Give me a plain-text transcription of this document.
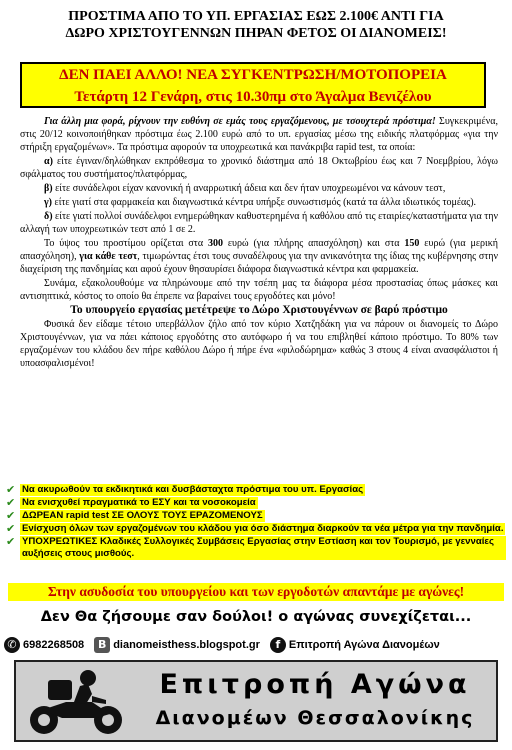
ΠΡΟΣΤΙΜΑ ΑΠΟ ΤΟ ΥΠ. ΕΡΓΑΣΙΑΣ ΕΩΣ 2.100€ ΑΝΤΙ ΓΙΑ
ΔΩΡΟ ΧΡΙΣΤΟΥΓΕΝΝΩΝ ΠΗΡΑΝ ΦΕΤΟΣ ΟΙ ΔΙΑΝΟΜΕΙΣ!
ΔΕΝ ΠΑΕΙ ΑΛΛΟ! ΝΕΑ ΣΥΓΚΕΝΤΡΩΣΗ/ΜΟΤΟΠΟΡΕΙΑ
Τετάρτη 12 Γενάρη, στις 10.30πμ στο Άγαλμα Βενιζέλου

Για άλλη μια φορά, ρίχνουν την ευθύνη σε εμάς τους εργαζόμενους, με τσουχτερά πρόστιμα! Συγκεκριμένα, στις 20/12 κοινοποιήθηκαν πρόστιμα έως 2.100 ευρώ από το υπ. εργασίας μέσω της ειδικής πλατφόρμας «για την στήριξη εργαζομένων». Τα πρόστιμα αφορούν τα υποχρεωτικά και πανάκριβα rapid test, τα οποία:

α) είτε έγιναν/δηλώθηκαν εκπρόθεσμα το χρονικό διάστημα από 18 Οκτωβρίου έως και 7 Νοεμβρίου, λόγω σφάλματος του συστήματος/πλατφόρμας,

β) είτε συνάδελφοι είχαν κανονική ή αναρρωτική άδεια και δεν ήταν υποχρεωμένοι να κάνουν τεστ,

γ) είτε γιατί στα φαρμακεία και διαγνωστικά κέντρα υπήρξε συνωστισμός (κατά τα άλλα ιδιωτικός τομέας).

δ) είτε γιατί πολλοί συνάδελφοι ενημερώθηκαν καθυστερημένα ή καθόλου από τις εταιρίες/καταστήματα για την αλλαγή των υποχρεωτικών τεστ από 1 σε 2.

Το ύψος του προστίμου ορίζεται στα 300 ευρώ (για πλήρης απασχόληση) και στα 150 ευρώ (για μερική απασχόληση), για κάθε τεστ, τιμωρώντας έτσι τους συναδέλφους για την ανικανότητα της ίδιας της κυβέρνησης στην διαχείριση της πανδημίας και αφού έχουν θησαυρίσει διάφορα διαγνωστικά κέντρα και φαρμακεία.

Συνάμα, εξακολουθούμε να πληρώνουμε από την τσέπη μας τα διάφορα μέσα προστασίας όπως μάσκες και αντισηπτικά, κόστος το οποίο θα έπρεπε να βαραίνει τους εργοδότες και μόνο!

Το υπουργείο εργασίας μετέτρεψε το Δώρο Χριστουγέννων σε βαρύ πρόστιμο

Φυσικά δεν είδαμε τέτοιο υπερβάλλον ζήλο από τον κύριο Χατζηδάκη για να πάρουν οι διανομείς το Δώρο Χριστουγέννων, για να πάει κάποιος εργοδότης στο αυτόφωρο ή να του επιβληθεί κάποιο πρόστιμο. Το 80% των εργαζομένων του κλάδου δεν πήρε καθόλου Δώρο ή πήρε ένα «φιλοδώρημα» καθώς 3 στους 4 είναι ανασφάλιστοι ή υποασφαλισμένοι!

✔ Να ακυρωθούν τα εκδικητικά και δυσβάσταχτα πρόστιμα του υπ. Εργασίας
✔ Να ενισχυθεί πραγματικά το ΕΣΥ και τα νοσοκομεία
✔ ΔΩΡΕΑΝ rapid test ΣΕ ΟΛΟΥΣ ΤΟΥΣ ΕΡΑΖΟΜΕΝΟΥΣ
✔ Ενίσχυση όλων των εργαζομένων του κλάδου για όσο διάστημα διαρκούν τα νέα μέτρα για την πανδημία.
✔ ΥΠΟΧΡΕΩΤΙΚΕΣ Κλαδικές Συλλογικές Συμβάσεις Εργασίας στην Εστίαση και τον Τουρισμό, με γενναίες αυξήσεις στους μισθούς.
Στην ασυδοσία του υπουργείου και των εργοδοτών απαντάμε με αγώνες!
Δεν Θα ζήσουμε σαν δούλοι! ο αγώνας συνεχίζεται...
✆ 6982268508	B dianomeisthess.blogspot.gr	f Επιτροπή Αγώνα Διανομέων
Επιτροπή Αγώνα
Διανομέων Θεσσαλονίκης
